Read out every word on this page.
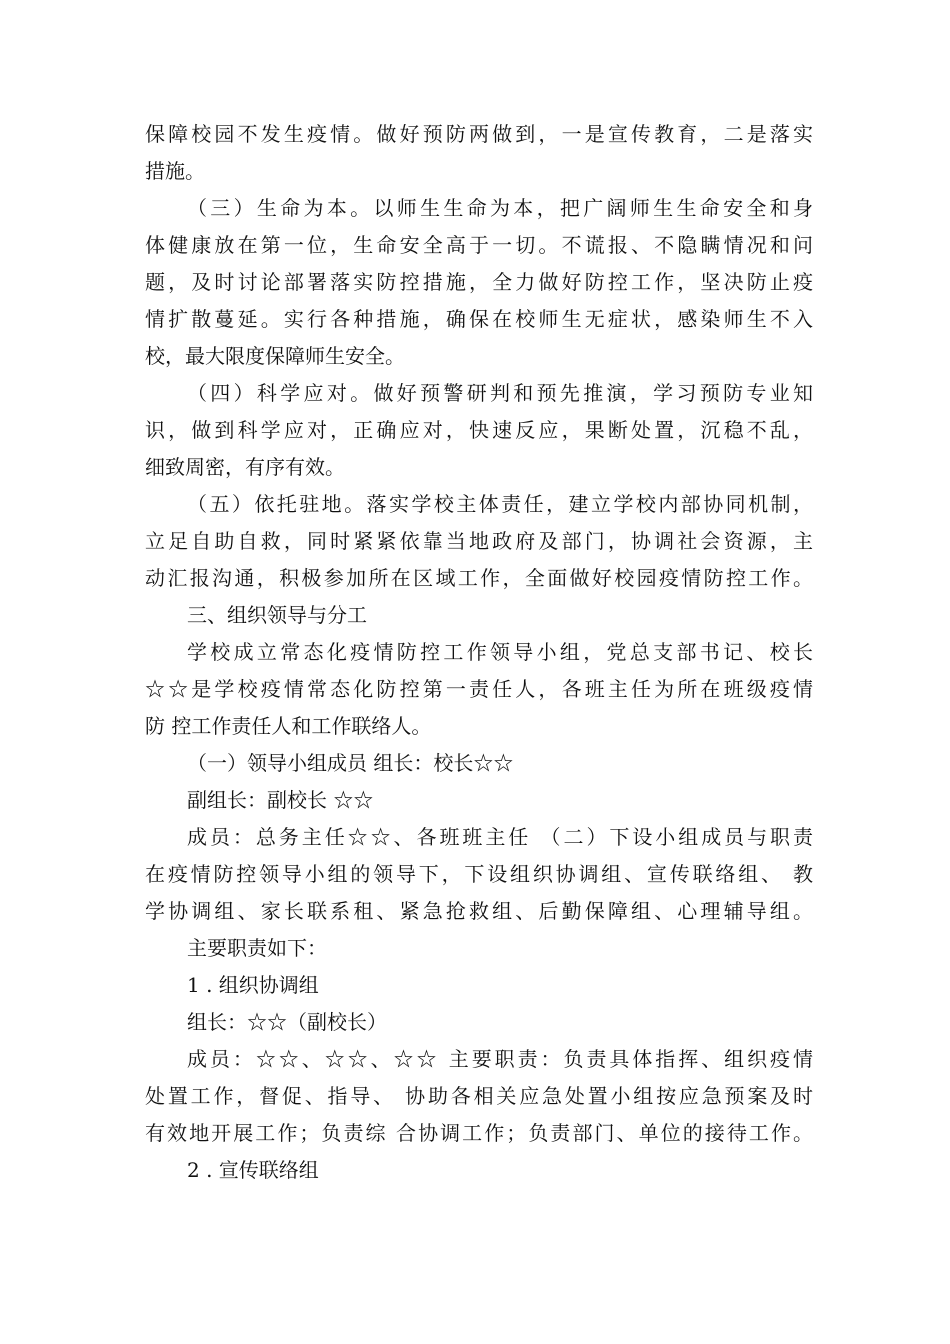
保障校园不发生疫情。做好预防两做到，一是宣传教育，二是落实
措施。
（三）生命为本。以师生生命为本，把广阔师生生命安全和身
体健康放在第一位，生命安全高于一切。不谎报、不隐瞒情况和问
题，及时讨论部署落实防控措施，全力做好防控工作，坚决防止疫
情扩散蔓延。实行各种措施，确保在校师生无症状，感染师生不入
校，最大限度保障师生安全。
（四）科学应对。做好预警研判和预先推演，学习预防专业知
识，做到科学应对，正确应对，快速反应，果断处置，沉稳不乱，
细致周密，有序有效。
（五）依托驻地。落实学校主体责任，建立学校内部协同机制，
立足自助自救，同时紧紧依靠当地政府及部门，协调社会资源，主
动汇报沟通，积极参加所在区域工作，全面做好校园疫情防控工作。
三、组织领导与分工
学校成立常态化疫情防控工作领导小组，党总支部书记、校长
☆☆是学校疫情常态化防控第一责任人，各班主任为所在班级疫情
防 控工作责任人和工作联络人。
（一）领导小组成员 组长：校长☆☆
副组长：副校长 ☆☆
成员：总务主任☆☆、各班班主任 （二）下设小组成员与职责
在疫情防控领导小组的领导下，下设组织协调组、宣传联络组、 教
学协调组、家长联系租、紧急抢救组、后勤保障组、心理辅导组。
主要职责如下：
1 . 组织协调组
组长：☆☆（副校长）
成员：☆☆、☆☆、☆☆ 主要职责：负责具体指挥、组织疫情
处置工作，督促、指导、 协助各相关应急处置小组按应急预案及时
有效地开展工作；负责综 合协调工作；负责部门、单位的接待工作。
2 . 宣传联络组
